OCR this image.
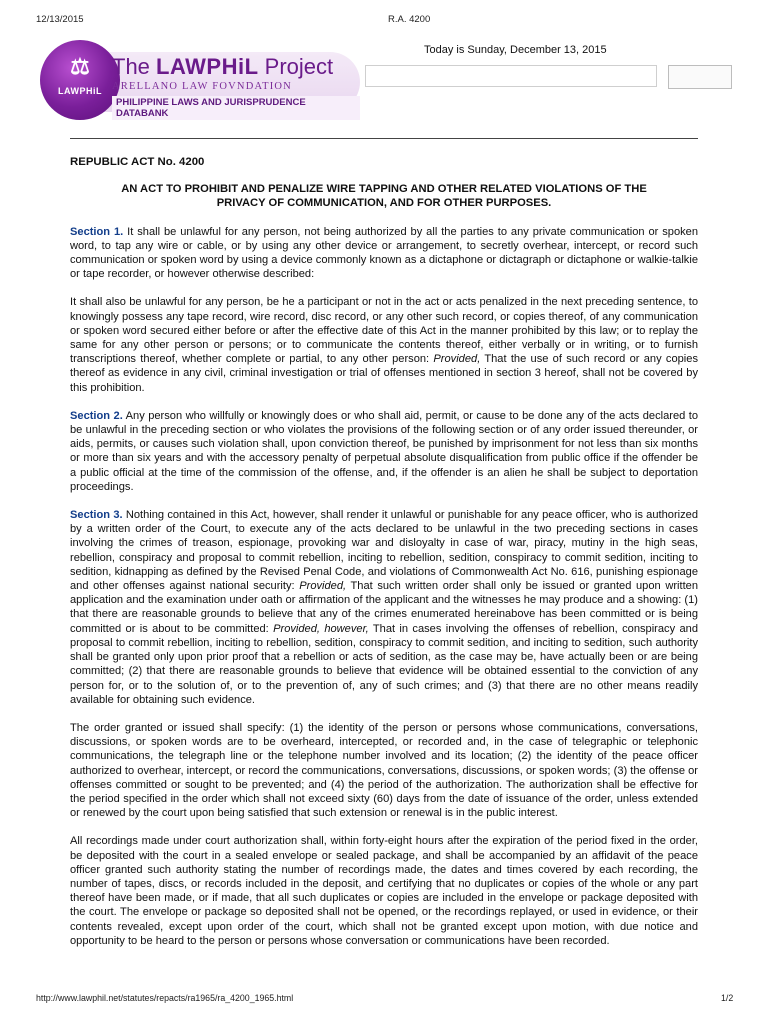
12/13/2015	R.A. 4200
⚖
LAWPHiL
The LAWPHiL Project
ARELLANO LAW FOVNDATION
PHILIPPINE LAWS AND JURISPRUDENCE DATABANK
Today is Sunday, December 13, 2015
REPUBLIC ACT No. 4200
AN ACT TO PROHIBIT AND PENALIZE WIRE TAPPING AND OTHER RELATED VIOLATIONS OF THE
PRIVACY OF COMMUNICATION, AND FOR OTHER PURPOSES.

Section 1. It shall be unlawful for any person, not being authorized by all the parties to any private communication or spoken word, to tap any wire or cable, or by using any other device or arrangement, to secretly overhear, intercept, or record such communication or spoken word by using a device commonly known as a dictaphone or dictagraph or dictaphone or walkie-talkie or tape recorder, or however otherwise described:

It shall also be unlawful for any person, be he a participant or not in the act or acts penalized in the next preceding sentence, to knowingly possess any tape record, wire record, disc record, or any other such record, or copies thereof, of any communication or spoken word secured either before or after the effective date of this Act in the manner prohibited by this law; or to replay the same for any other person or persons; or to communicate the contents thereof, either verbally or in writing, or to furnish transcriptions thereof, whether complete or partial, to any other person: Provided, That the use of such record or any copies thereof as evidence in any civil, criminal investigation or trial of offenses mentioned in section 3 hereof, shall not be covered by this prohibition.

Section 2. Any person who willfully or knowingly does or who shall aid, permit, or cause to be done any of the acts declared to be unlawful in the preceding section or who violates the provisions of the following section or of any order issued thereunder, or aids, permits, or causes such violation shall, upon conviction thereof, be punished by imprisonment for not less than six months or more than six years and with the accessory penalty of perpetual absolute disqualification from public office if the offender be a public official at the time of the commission of the offense, and, if the offender is an alien he shall be subject to deportation proceedings.

Section 3. Nothing contained in this Act, however, shall render it unlawful or punishable for any peace officer, who is authorized by a written order of the Court, to execute any of the acts declared to be unlawful in the two preceding sections in cases involving the crimes of treason, espionage, provoking war and disloyalty in case of war, piracy, mutiny in the high seas, rebellion, conspiracy and proposal to commit rebellion, inciting to rebellion, sedition, conspiracy to commit sedition, inciting to sedition, kidnapping as defined by the Revised Penal Code, and violations of Commonwealth Act No. 616, punishing espionage and other offenses against national security: Provided, That such written order shall only be issued or granted upon written application and the examination under oath or affirmation of the applicant and the witnesses he may produce and a showing: (1) that there are reasonable grounds to believe that any of the crimes enumerated hereinabove has been committed or is being committed or is about to be committed: Provided, however, That in cases involving the offenses of rebellion, conspiracy and proposal to commit rebellion, inciting to rebellion, sedition, conspiracy to commit sedition, and inciting to sedition, such authority shall be granted only upon prior proof that a rebellion or acts of sedition, as the case may be, have actually been or are being committed; (2) that there are reasonable grounds to believe that evidence will be obtained essential to the conviction of any person for, or to the solution of, or to the prevention of, any of such crimes; and (3) that there are no other means readily available for obtaining such evidence.

The order granted or issued shall specify: (1) the identity of the person or persons whose communications, conversations, discussions, or spoken words are to be overheard, intercepted, or recorded and, in the case of telegraphic or telephonic communications, the telegraph line or the telephone number involved and its location; (2) the identity of the peace officer authorized to overhear, intercept, or record the communications, conversations, discussions, or spoken words; (3) the offense or offenses committed or sought to be prevented; and (4) the period of the authorization. The authorization shall be effective for the period specified in the order which shall not exceed sixty (60) days from the date of issuance of the order, unless extended or renewed by the court upon being satisfied that such extension or renewal is in the public interest.

All recordings made under court authorization shall, within forty-eight hours after the expiration of the period fixed in the order, be deposited with the court in a sealed envelope or sealed package, and shall be accompanied by an affidavit of the peace officer granted such authority stating the number of recordings made, the dates and times covered by each recording, the number of tapes, discs, or records included in the deposit, and certifying that no duplicates or copies of the whole or any part thereof have been made, or if made, that all such duplicates or copies are included in the envelope or package deposited with the court. The envelope or package so deposited shall not be opened, or the recordings replayed, or used in evidence, or their contents revealed, except upon order of the court, which shall not be granted except upon motion, with due notice and opportunity to be heard to the person or persons whose conversation or communications have been recorded.

http://www.lawphil.net/statutes/repacts/ra1965/ra_4200_1965.html	1/2
